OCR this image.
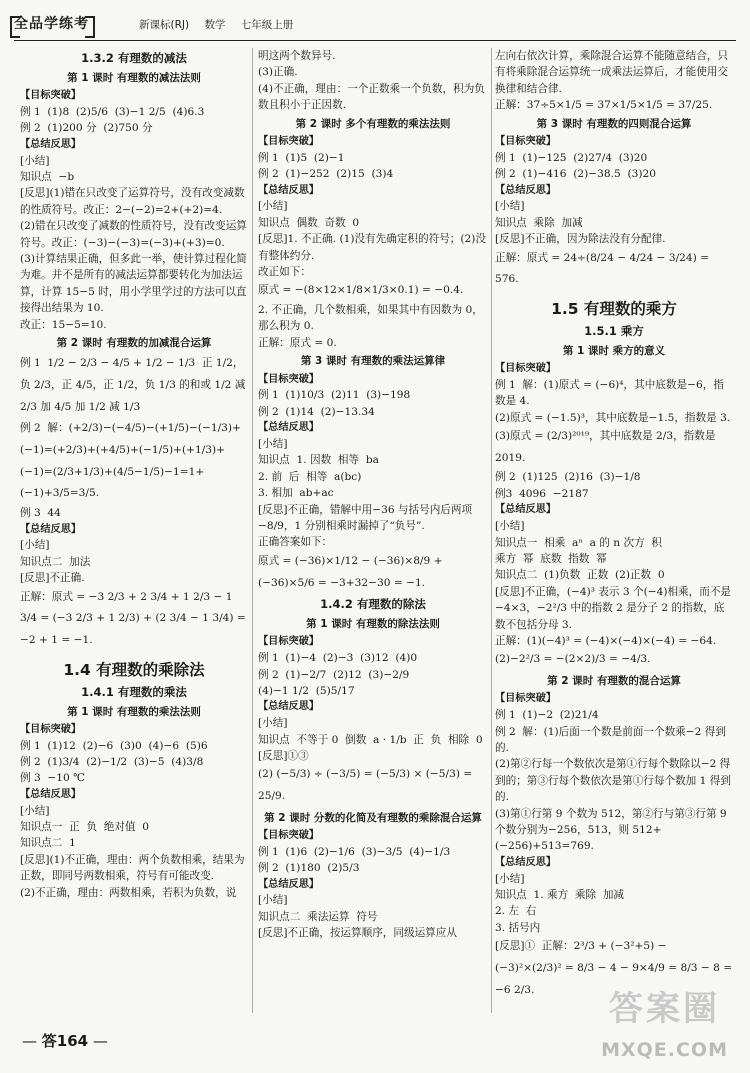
全品学练考	新课标(RJ) 数学 七年级上册
1.3.2 有理数的减法
第 1 课时 有理数的减法法则
【目标突破】
例 1  (1)8  (2)5/6  (3)−1 2/5  (4)6.3
例 2  (1)200 分  (2)750 分
【总结反思】
[小结]
知识点  −b
[反思](1)错在只改变了运算符号，没有改变减数的性质符号。改正：2−(−2)=2+(+2)=4.
(2)错在只改变了减数的性质符号，没有改变运算符号。改正：(−3)−(−3)=(−3)+(+3)=0.
(3)计算结果正确，但多此一举，使计算过程化简为难。并不是所有的减法运算都要转化为加法运算，计算 15−5 时，用小学里学过的方法可以直接得出结果为 10.
改正：15−5=10.
第 2 课时 有理数的加减混合运算
例 1  1/2 − 2/3 − 4/5 + 1/2 − 1/3  正 1/2，负 2/3，正 4/5，正 1/2，负 1/3 的和或 1/2 减 2/3 加 4/5 加 1/2 减 1/3
例 2  解：(+2/3)−(−4/5)−(+1/5)−(−1/3)+(−1)=(+2/3)+(+4/5)+(−1/5)+(+1/3)+(−1)=(2/3+1/3)+(4/5−1/5)−1=1+(−1)+3/5=3/5.
例 3  44
【总结反思】
[小结]
知识点二  加法
[反思]不正确.
正解：原式 = −3 2/3 + 2 3/4 + 1 2/3 − 1 3/4 = (−3 2/3 + 1 2/3) + (2 3/4 − 1 3/4) = −2 + 1 = −1.
1.4 有理数的乘除法
1.4.1 有理数的乘法
第 1 课时 有理数的乘法法则
【目标突破】
例 1  (1)12  (2)−6  (3)0  (4)−6  (5)6
例 2  (1)3/4  (2)−1/2  (3)−5  (4)3/8
例 3  −10 ℃
【总结反思】
[小结]
知识点一  正  负  绝对值  0
知识点二  1
[反思](1)不正确，理由：两个负数相乘，结果为正数，即同号两数相乘，符号有可能改变.
(2)不正确，理由：两数相乘，若积为负数，说
明这两个数异号.
(3)正确.
(4)不正确，理由：一个正数乘一个负数，积为负数且积小于正因数.
第 2 课时 多个有理数的乘法法则
【目标突破】
例 1  (1)5  (2)−1
例 2  (1)−252  (2)15  (3)4
【总结反思】
[小结]
知识点  偶数  奇数  0
[反思]1. 不正确. (1)没有先确定积的符号；(2)没有整体约分.
改正如下：
原式 = −(8×12×1/8×1/3×0.1) = −0.4.
2. 不正确，几个数相乘，如果其中有因数为 0，那么积为 0.
正解：原式 = 0.
第 3 课时 有理数的乘法运算律
【目标突破】
例 1  (1)10/3  (2)11  (3)−198
例 2  (1)14  (2)−13.34
【总结反思】
[小结]
知识点  1. 因数  相等  ba
2. 前  后  相等  a(bc)
3. 相加  ab+ac
[反思]不正确，错解中用−36 与括号内后两项−8/9，1 分别相乘时漏掉了“负号”.
正确答案如下：
原式 = (−36)×1/12 − (−36)×8/9 + (−36)×5/6 = −3+32−30 = −1.
1.4.2 有理数的除法
第 1 课时 有理数的除法法则
【目标突破】
例 1  (1)−4  (2)−3  (3)12  (4)0
例 2  (1)−2/7  (2)12  (3)−2/9
(4)−1 1/2  (5)5/17
【总结反思】
[小结]
知识点  不等于 0  倒数  a · 1/b  正  负  相除  0
[反思]①③
(2) (−5/3) ÷ (−3/5) = (−5/3) × (−5/3) = 25/9.
第 2 课时 分数的化简及有理数的乘除混合运算
【目标突破】
例 1  (1)6  (2)−1/6  (3)−3/5  (4)−1/3
例 2  (1)180  (2)5/3
【总结反思】
[小结]
知识点二  乘法运算  符号
[反思]不正确，按运算顺序，同级运算应从
左向右依次计算，乘除混合运算不能随意结合，只有将乘除混合运算统一成乘法运算后，才能使用交换律和结合律.
正解：37÷5×1/5 = 37×1/5×1/5 = 37/25.
第 3 课时 有理数的四则混合运算
【目标突破】
例 1  (1)−125  (2)27/4  (3)20
例 2  (1)−416  (2)−38.5  (3)20
【总结反思】
[小结]
知识点  乘除  加减
[反思]不正确，因为除法没有分配律.
正解：原式 = 24÷(8/24 − 4/24 − 3/24) = 576.
1.5 有理数的乘方
1.5.1 乘方
第 1 课时 乘方的意义
【目标突破】
例 1  解：(1)原式 = (−6)⁴，其中底数是−6，指数是 4.
(2)原式 = (−1.5)³，其中底数是−1.5，指数是 3.
(3)原式 = (2/3)²⁰¹⁹，其中底数是 2/3，指数是 2019.
例 2  (1)125  (2)16  (3)−1/8
例3  4096  −2187
【总结反思】
[小结]
知识点一  相乘  aⁿ  a 的 n 次方  积
乘方  幂  底数  指数  幂
知识点二  (1)负数  正数  (2)正数  0
[反思]不正确，(−4)³ 表示 3 个(−4)相乘，而不是−4×3，−2²/3 中的指数 2 是分子 2 的指数，底数不包括分母 3.
正解：(1)(−4)³ = (−4)×(−4)×(−4) = −64.
(2)−2²/3 = −(2×2)/3 = −4/3.
第 2 课时 有理数的混合运算
【目标突破】
例 1  (1)−2  (2)21/4
例 2  解：(1)后面一个数是前面一个数乘−2 得到的.
(2)第②行每一个数依次是第①行每个数除以−2 得到的；第③行每个数依次是第①行每个数加 1 得到的.
(3)第①行第 9 个数为 512，第②行与第③行第 9 个数分别为−256，513，则 512+(−256)+513=769.
【总结反思】
[小结]
知识点  1. 乘方  乘除  加减
2. 左  右
3. 括号内
[反思]①  正解：2³/3 + (−3²+5) − (−3)²×(2/3)² = 8/3 − 4 − 9×4/9 = 8/3 − 8 = −6 2/3.
— 答164 —
答案圈
MXQE.COM
